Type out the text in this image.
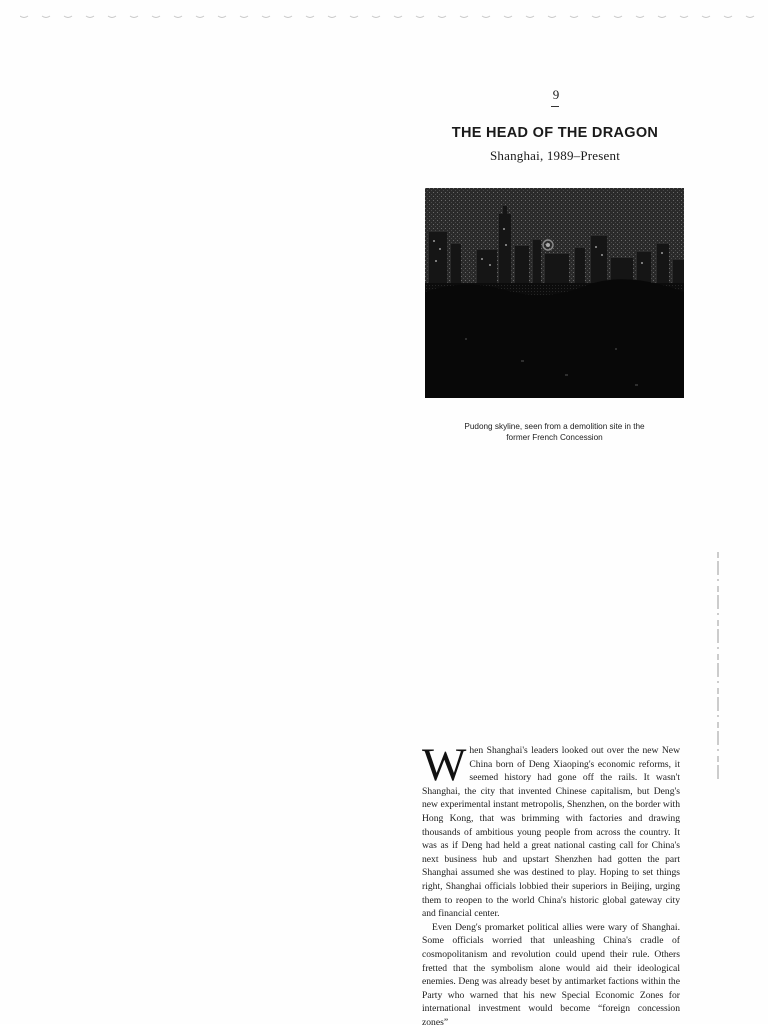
9
THE HEAD OF THE DRAGON
Shanghai, 1989–Present
Pudong skyline, seen from a demolition site in the
former French Concession

When Shanghai's leaders looked out over the new New China born of Deng Xiaoping's economic reforms, it seemed history had gone off the rails. It wasn't Shanghai, the city that invented Chinese capitalism, but Deng's new experimental instant metropolis, Shenzhen, on the border with Hong Kong, that was brimming with factories and drawing thousands of ambitious young people from across the country. It was as if Deng had held a great national casting call for China's next business hub and upstart Shenzhen had gotten the part Shanghai assumed she was destined to play. Hoping to set things right, Shanghai officials lobbied their superiors in Beijing, urging them to reopen to the world China's historic global gateway city and financial center.

Even Deng's promarket political allies were wary of Shanghai. Some officials worried that unleashing China's cradle of cosmopolitanism and revolution could upend their rule. Others fretted that the symbolism alone would aid their ideological enemies. Deng was already beset by antimarket factions within the Party who warned that his new Special Economic Zones for international investment would become “foreign concession zones”
